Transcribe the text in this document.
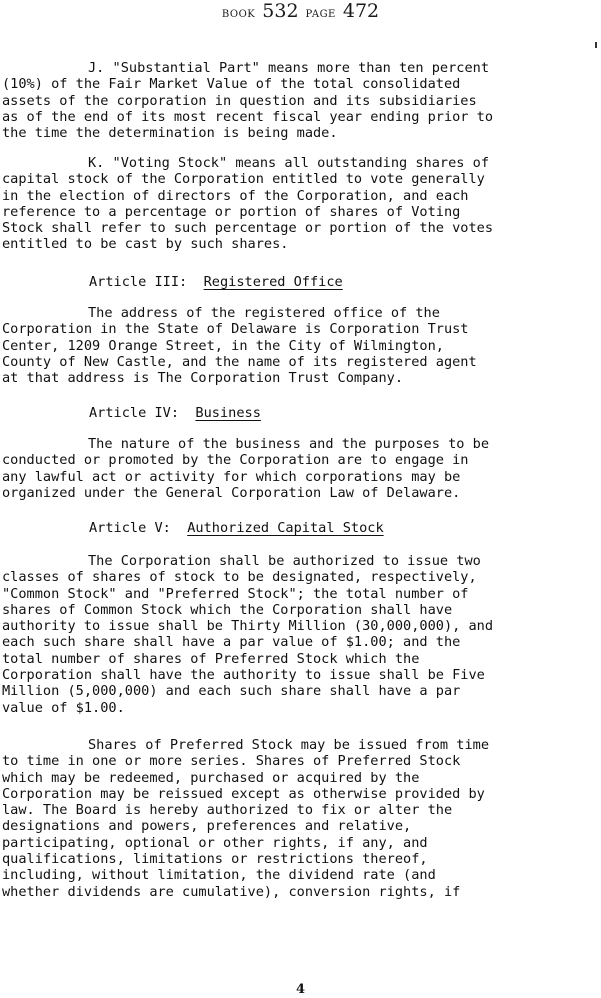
BOOK 532 PAGE 472
J. "Substantial Part" means more than ten percent
(10%) of the Fair Market Value of the total consolidated
assets of the corporation in question and its subsidiaries
as of the end of its most recent fiscal year ending prior to
the time the determination is being made.
K. "Voting Stock" means all outstanding shares of
capital stock of the Corporation entitled to vote generally
in the election of directors of the Corporation, and each
reference to a percentage or portion of shares of Voting
Stock shall refer to such percentage or portion of the votes
entitled to be cast by such shares.
Article III: Registered Office
The address of the registered office of the
Corporation in the State of Delaware is Corporation Trust
Center, 1209 Orange Street, in the City of Wilmington,
County of New Castle, and the name of its registered agent
at that address is The Corporation Trust Company.
Article IV: Business
The nature of the business and the purposes to be
conducted or promoted by the Corporation are to engage in
any lawful act or activity for which corporations may be
organized under the General Corporation Law of Delaware.
Article V: Authorized Capital Stock
The Corporation shall be authorized to issue two
classes of shares of stock to be designated, respectively,
"Common Stock" and "Preferred Stock"; the total number of
shares of Common Stock which the Corporation shall have
authority to issue shall be Thirty Million (30,000,000), and
each such share shall have a par value of $1.00; and the
total number of shares of Preferred Stock which the
Corporation shall have the authority to issue shall be Five
Million (5,000,000) and each such share shall have a par
value of $1.00.
Shares of Preferred Stock may be issued from time
to time in one or more series. Shares of Preferred Stock
which may be redeemed, purchased or acquired by the
Corporation may be reissued except as otherwise provided by
law. The Board is hereby authorized to fix or alter the
designations and powers, preferences and relative,
participating, optional or other rights, if any, and
qualifications, limitations or restrictions thereof,
including, without limitation, the dividend rate (and
whether dividends are cumulative), conversion rights, if
4
